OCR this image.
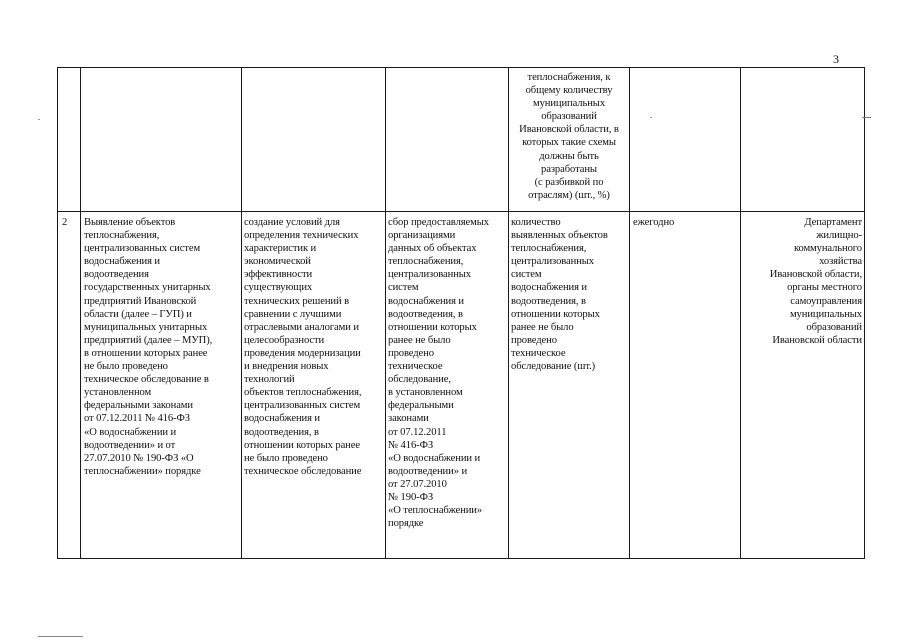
3
теплоснабжения, к
общему количеству
муниципальных
образований
Ивановской области, в
которых такие схемы
должны быть
разработаны
(с разбивкой по
отраслям) (шт., %)
2	Выявление объектов
теплоснабжения,
централизованных систем
водоснабжения и
водоотведения
государственных унитарных
предприятий Ивановской
области (далее – ГУП) и
муниципальных унитарных
предприятий (далее – МУП),
в отношении которых ранее
не было проведено
техническое обследование в
установленном
федеральными законами
от 07.12.2011 № 416-ФЗ
«О водоснабжении и
водоотведении» и от
27.07.2010 № 190-ФЗ «О
теплоснабжении» порядке
создание условий для
определения технических
характеристик и
экономической
эффективности
существующих
технических решений в
сравнении с лучшими
отраслевыми аналогами и
целесообразности
проведения модернизации
и внедрения новых
технологий
объектов теплоснабжения,
централизованных систем
водоснабжения и
водоотведения, в
отношении которых ранее
не было проведено
техническое обследование
сбор предоставляемых
организациями
данных об объектах
теплоснабжения,
централизованных
систем
водоснабжения и
водоотведения, в
отношении которых
ранее не было
проведено
техническое
обследование,
в установленном
федеральными
законами
от 07.12.2011
№ 416-ФЗ
«О водоснабжении и
водоотведении» и
от 27.07.2010
№ 190-ФЗ
«О теплоснабжении»
порядке
количество
выявленных объектов
теплоснабжения,
централизованных
систем
водоснабжения и
водоотведения, в
отношении которых
ранее не было
проведено
техническое
обследование (шт.)
ежегодно	Департамент
жилищно-
коммунального
хозяйства
Ивановской области,
органы местного
самоуправления
муниципальных
образований
Ивановской области
